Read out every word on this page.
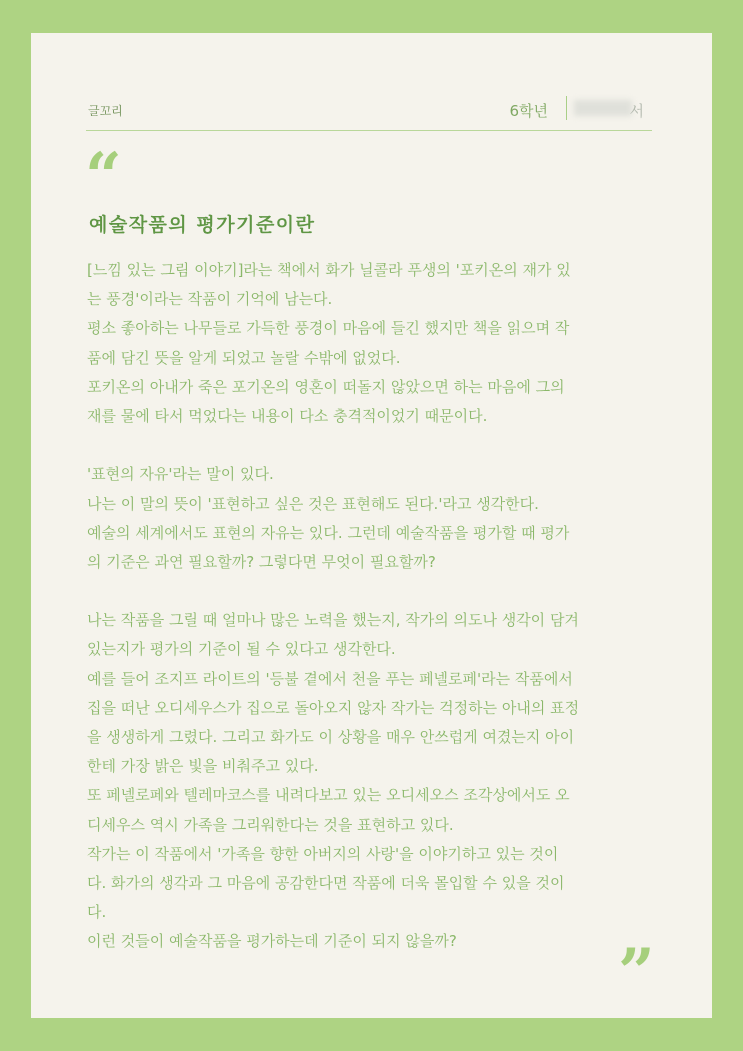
글꼬리	6학년	서
“
예술작품의 평가기준이란
[느낌 있는 그림 이야기]라는 책에서 화가 닐콜라 푸생의 '포키온의 재가 있
는 풍경'이라는 작품이 기억에 남는다.
평소 좋아하는 나무들로 가득한 풍경이 마음에 들긴 했지만 책을 읽으며 작
품에 담긴 뜻을 알게 되었고 놀랄 수밖에 없었다.
포키온의 아내가 죽은 포기온의 영혼이 떠돌지 않았으면 하는 마음에 그의
재를 물에 타서 먹었다는 내용이 다소 충격적이었기 때문이다.
'표현의 자유'라는 말이 있다.
나는 이 말의 뜻이 '표현하고 싶은 것은 표현해도 된다.'라고 생각한다.
예술의 세계에서도 표현의 자유는 있다. 그런데 예술작품을 평가할 때 평가
의 기준은 과연 필요할까? 그렇다면 무엇이 필요할까?
나는 작품을 그릴 때 얼마나 많은 노력을 했는지, 작가의 의도나 생각이 담겨
있는지가 평가의 기준이 될 수 있다고 생각한다.
예를 들어 조지프 라이트의 '등불 곁에서 천을 푸는 페넬로페'라는 작품에서
집을 떠난 오디세우스가 집으로 돌아오지 않자 작가는 걱정하는 아내의 표정
을 생생하게 그렸다. 그리고 화가도 이 상황을 매우 안쓰럽게 여겼는지 아이
한테 가장 밝은 빛을 비춰주고 있다.
또 페넬로페와 텔레마코스를 내려다보고 있는 오디세오스 조각상에서도 오
디세우스 역시 가족을 그리워한다는 것을 표현하고 있다.
작가는 이 작품에서 '가족을 향한 아버지의 사랑'을 이야기하고 있는 것이
다. 화가의 생각과 그 마음에 공감한다면 작품에 더욱 몰입할 수 있을 것이
다.
이런 것들이 예술작품을 평가하는데 기준이 되지 않을까?	”
